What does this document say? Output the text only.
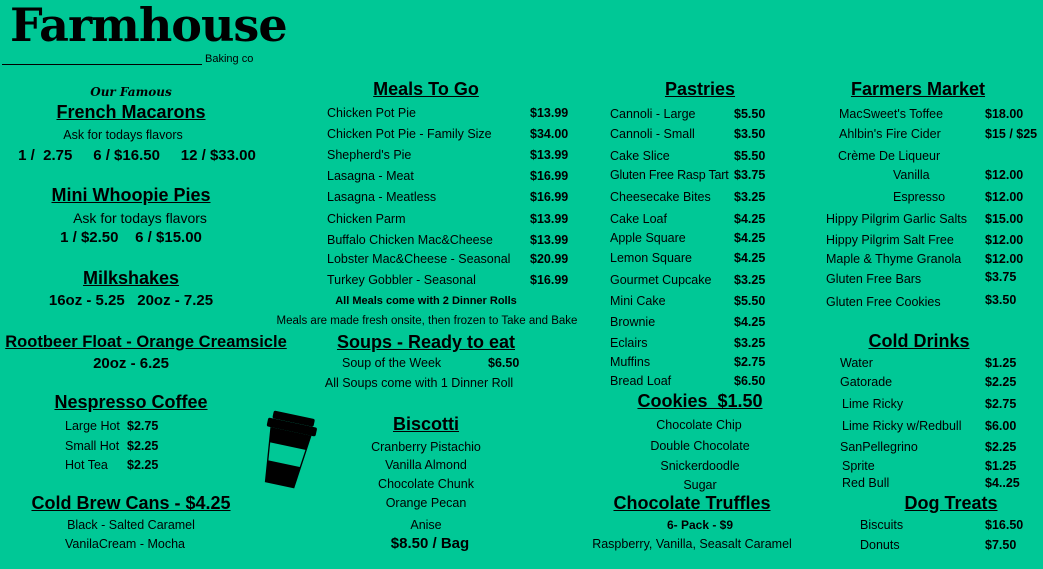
Farmhouse
Baking co
Our Famous
French Macarons
Ask for todays flavors
1 /  2.75     6 / $16.50     12 / $33.00
Mini Whoopie Pies
Ask for todays flavors
1 / $2.50    6 / $15.00
Milkshakes
16oz - 5.25   20oz - 7.25
Rootbeer Float - Orange Creamsicle
20oz - 6.25
Nespresso Coffee
Large Hot $2.75
Small Hot $2.25
Hot Tea $2.25
Cold Brew Cans - $4.25
Black - Salted Caramel
VanilaCream - Mocha
Meals To Go
Chicken Pot Pie	$13.99
Chicken Pot Pie - Family Size	$34.00
Shepherd's Pie	$13.99
Lasagna - Meat	$16.99
Lasagna - Meatless	$16.99
Chicken Parm	$13.99
Buffalo Chicken Mac&Cheese	$13.99
Lobster Mac&Cheese - Seasonal $20.99
Turkey Gobbler - Seasonal	$16.99
All Meals come with 2 Dinner Rolls
Meals are made fresh onsite, then frozen to Take and Bake
Soups - Ready to eat
Soup of the Week	$6.50
All Soups come with 1 Dinner Roll
Biscotti
Cranberry Pistachio
Vanilla Almond
Chocolate Chunk
Orange Pecan
Anise
$8.50 / Bag
Pastries
Cannoli - Large	$5.50
Cannoli - Small	$3.50
Cake Slice	$5.50
Gluten Free Rasp Tart $3.75
Cheesecake Bites $3.25
Cake Loaf	$4.25
Apple Square	$4.25
Lemon Square	$4.25
Gourmet Cupcake $3.25
Mini Cake	$5.50
Brownie	$4.25
Eclairs	$3.25
Muffins	$2.75
Bread Loaf	$6.50
Cookies  $1.50
Chocolate Chip
Double Chocolate
Snickerdoodle
Sugar
Chocolate Truffles
6- Pack - $9
Raspberry, Vanilla, Seasalt Caramel
Farmers Market
MacSweet's Toffee	$18.00
Ahlbin's Fire Cider	$15 / $25
Crème De Liqueur
Vanilla	$12.00
Espresso	$12.00
Hippy Pilgrim Garlic Salts $15.00
Hippy Pilgrim Salt Free $12.00
Maple & Thyme Granola $12.00
Gluten Free Bars	$3.75
Gluten Free Cookies	$3.50
Cold Drinks
Water	$1.25
Gatorade	$2.25
Lime Ricky	$2.75
Lime Ricky w/Redbull $6.00
SanPellegrino	$2.25
Sprite	$1.25
Red Bull	$4..25
Dog Treats
Biscuits	$16.50
Donuts	$7.50
